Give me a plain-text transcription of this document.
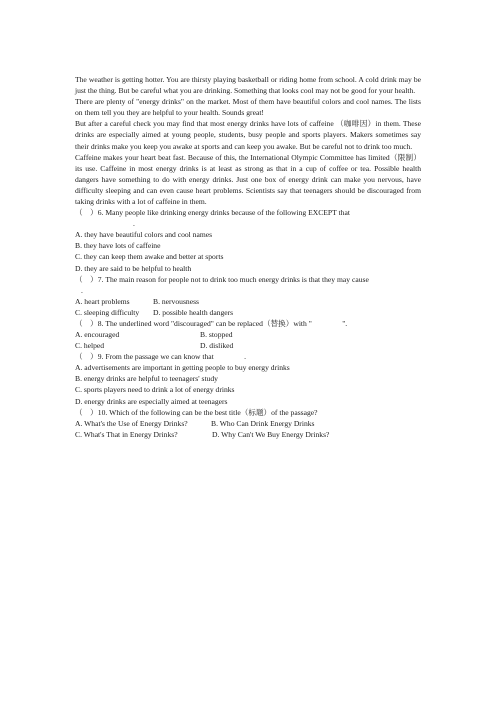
The weather is getting hotter. You are thirsty playing basketball or riding home from school. A cold drink may be just the thing. But be careful what you are drinking. Something that looks cool may not be good for your health.

There are plenty of "energy drinks" on the market. Most of them have beautiful colors and cool names. The lists on them tell you they are helpful to your health. Sounds great!

But after a careful check you may find that most energy drinks have lots of caffeine （咖啡因）in them. These drinks are especially aimed at young people, students, busy people and sports players. Makers sometimes say their drinks make you keep you awake at sports and can keep you awake. But be careful not to drink too much.

Caffeine makes your heart beat fast. Because of this, the International Olympic Committee has limited（限制）its use. Caffeine in most energy drinks is at least as strong as that in a cup of coffee or tea. Possible health dangers have something to do with energy drinks. Just one box of energy drink can make you nervous, have difficulty sleeping and can even cause heart problems. Scientists say that teenagers should be discouraged from taking drinks with a lot of caffeine in them.

（　）6. Many people like drinking energy drinks because of the following EXCEPT that

.

A. they have beautiful colors and cool names

B. they have lots of caffeine

C. they can keep them awake and better at sports

D. they are said to be helpful to health

（　）7. The main reason for people not to drink too much energy drinks is that they may cause

.

A. heart problems	B. nervousness
C. sleeping difficulty	D. possible health dangers

（　）8. The underlined word "discouraged" can be replaced（替换）with "　　　　".

A. encouraged	B. stopped
C. helped	D. disliked

（　）9. From the passage we can know that　　　　.

A. advertisements are important in getting people to buy energy drinks

B. energy drinks are helpful to teenagers' study

C. sports players need to drink a lot of energy drinks

D. energy drinks are especially aimed at teenagers

（　）10. Which of the following can be the best title（标题）of the passage?

A. What's the Use of Energy Drinks?	B. Who Can Drink Energy Drinks
C. What's That in Energy Drinks?	D. Why Can't We Buy Energy Drinks?
